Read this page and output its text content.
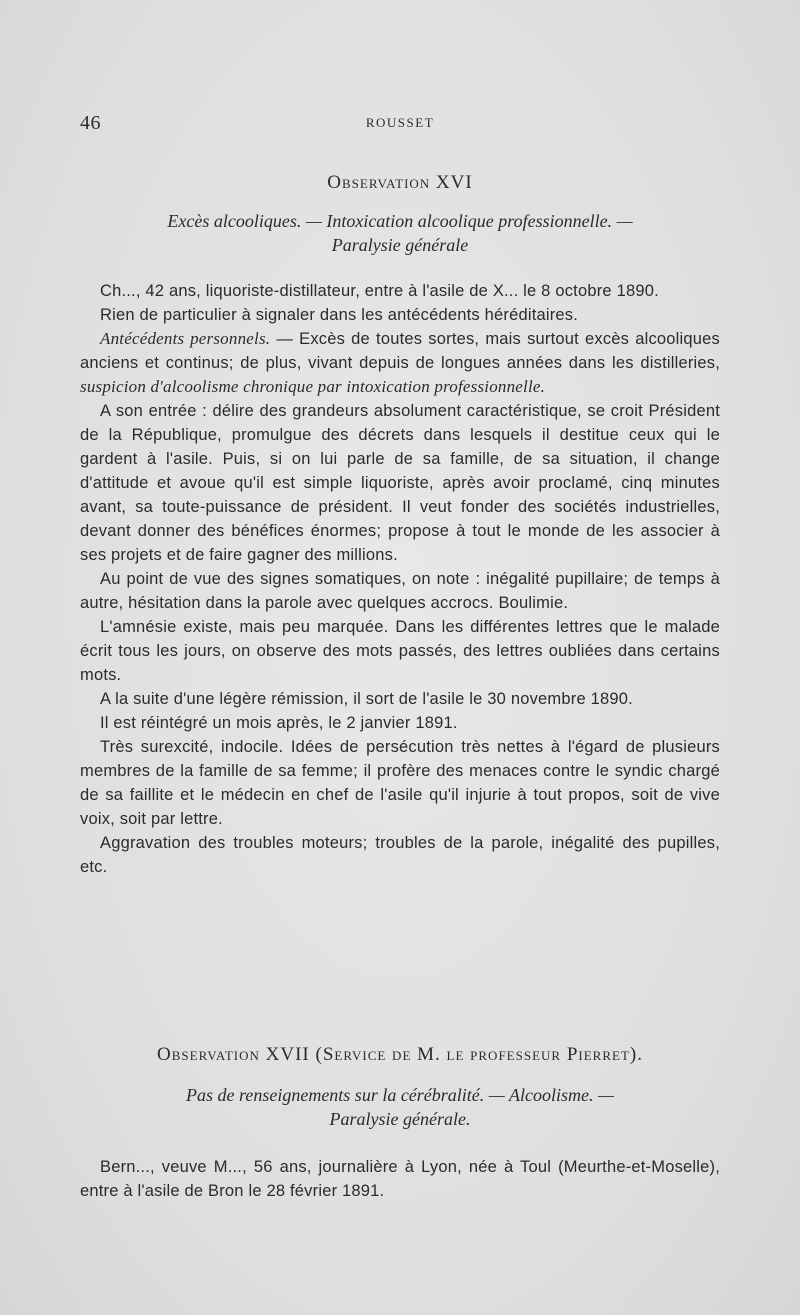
46	ROUSSET
Observation XVI
Excès alcooliques. — Intoxication alcoolique professionnelle. —
Paralysie générale

Ch..., 42 ans, liquoriste-distillateur, entre à l'asile de X... le 8 octobre 1890.

Rien de particulier à signaler dans les antécédents héréditaires.

Antécédents personnels. — Excès de toutes sortes, mais surtout excès alcooliques anciens et continus; de plus, vivant depuis de longues années dans les distilleries, suspicion d'alcoolisme chronique par intoxication professionnelle.

A son entrée : délire des grandeurs absolument caractéristique, se croit Président de la République, promulgue des décrets dans lesquels il destitue ceux qui le gardent à l'asile. Puis, si on lui parle de sa famille, de sa situation, il change d'attitude et avoue qu'il est simple liquoriste, après avoir proclamé, cinq minutes avant, sa toute-puissance de président. Il veut fonder des sociétés industrielles, devant donner des bénéfices énormes; propose à tout le monde de les associer à ses projets et de faire gagner des millions.

Au point de vue des signes somatiques, on note : inégalité pupillaire; de temps à autre, hésitation dans la parole avec quelques accrocs. Boulimie.

L'amnésie existe, mais peu marquée. Dans les différentes lettres que le malade écrit tous les jours, on observe des mots passés, des lettres oubliées dans certains mots.

A la suite d'une légère rémission, il sort de l'asile le 30 novembre 1890.

Il est réintégré un mois après, le 2 janvier 1891.

Très surexcité, indocile. Idées de persécution très nettes à l'égard de plusieurs membres de la famille de sa femme; il profère des menaces contre le syndic chargé de sa faillite et le médecin en chef de l'asile qu'il injurie à tout propos, soit de vive voix, soit par lettre.

Aggravation des troubles moteurs; troubles de la parole, inégalité des pupilles, etc.

Observation XVII (Service de M. le professeur Pierret).
Pas de renseignements sur la cérébralité. — Alcoolisme. —
Paralysie générale.

Bern..., veuve M..., 56 ans, journalière à Lyon, née à Toul (Meurthe-et-Moselle), entre à l'asile de Bron le 28 février 1891.
